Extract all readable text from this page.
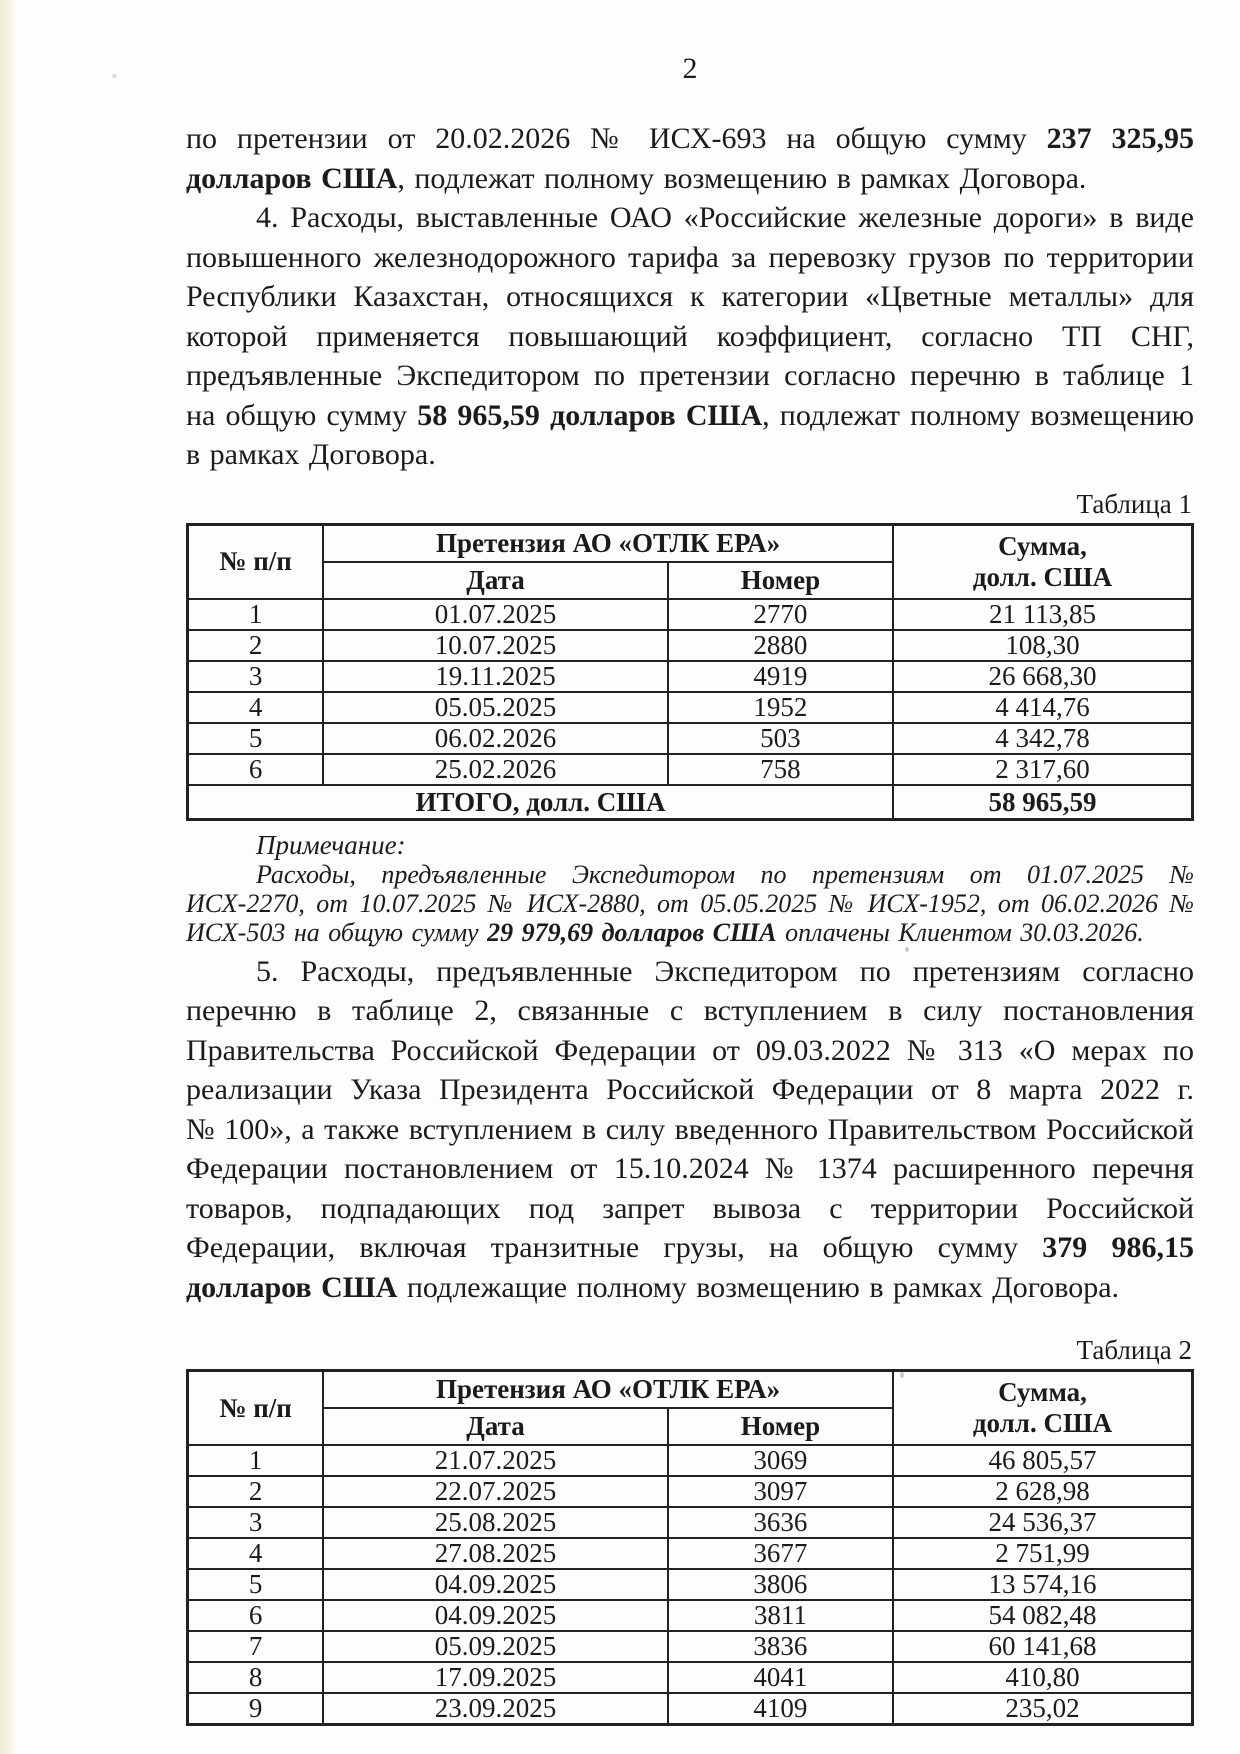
2

по претензии от 20.02.2026 № ИСХ-693 на общую сумму 237 325,95 долларов США, подлежат полному возмещению в рамках Договора.

4. Расходы, выставленные ОАО «Российские железные дороги» в виде повышенного железнодорожного тарифа за перевозку грузов по территории Республики Казахстан, относящихся к категории «Цветные металлы» для которой применяется повышающий коэффициент, согласно ТП СНГ, предъявленные Экспедитором по претензии согласно перечню в таблице 1 на общую сумму 58 965,59 долларов США, подлежат полному возмещению в рамках Договора.

Таблица 1
№ п/п	Претензия АО «ОТЛК ЕРА»		Сумма,
долл. США
	Дата	Номер	
1	01.07.2025	2770	21 113,85
2	10.07.2025	2880	108,30
3	19.11.2025	4919	26 668,30
4	05.05.2025	1952	4 414,76
5	06.02.2026	503	4 342,78
6	25.02.2026	758	2 317,60
ИТОГО, долл. США			58 965,59
Примечание:

Расходы, предъявленные Экспедитором по претензиям от 01.07.2025 № ИСХ-2270, от 10.07.2025 № ИСХ-2880, от 05.05.2025 № ИСХ-1952, от 06.02.2026 № ИСХ-503 на общую сумму 29 979,69 долларов США оплачены Клиентом 30.03.2026.

5. Расходы, предъявленные Экспедитором по претензиям согласно перечню в таблице 2, связанные с вступлением в силу постановления Правительства Российской Федерации от 09.03.2022 № 313 «О мерах по реализации Указа Президента Российской Федерации от 8 марта 2022 г. № 100», а также вступлением в силу введенного Правительством Российской Федерации постановлением от 15.10.2024 № 1374 расширенного перечня товаров, подпадающих под запрет вывоза с территории Российской Федерации, включая транзитные грузы, на общую сумму 379 986,15 долларов США подлежащие полному возмещению в рамках Договора.

Таблица 2
№ п/п	Претензия АО «ОТЛК ЕРА»		Сумма,
долл. США
	Дата	Номер	
1	21.07.2025	3069	46 805,57
2	22.07.2025	3097	2 628,98
3	25.08.2025	3636	24 536,37
4	27.08.2025	3677	2 751,99
5	04.09.2025	3806	13 574,16
6	04.09.2025	3811	54 082,48
7	05.09.2025	3836	60 141,68
8	17.09.2025	4041	410,80
9	23.09.2025	4109	235,02
